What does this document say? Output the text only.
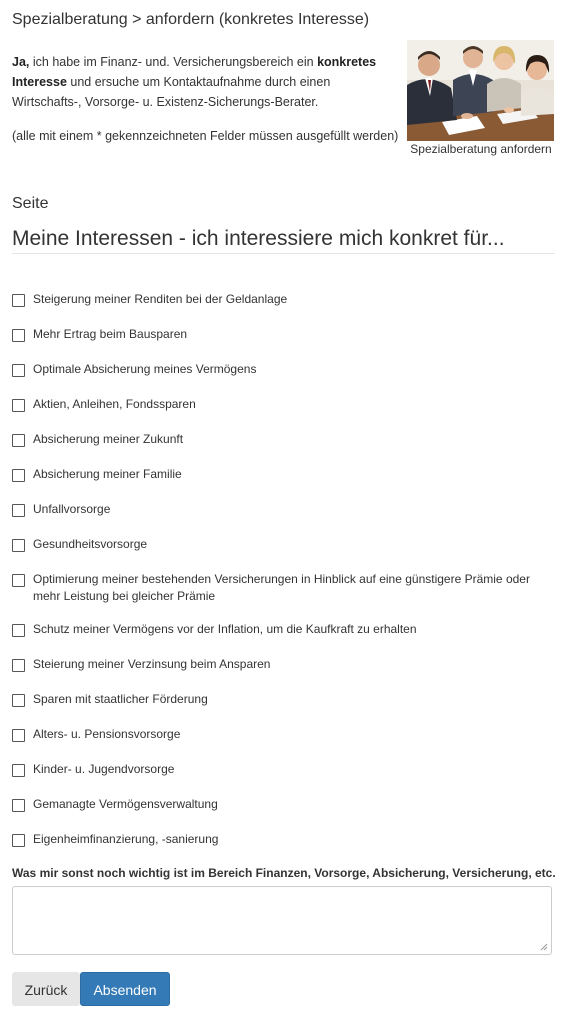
Spezialberatung > anfordern (konkretes Interesse)
Ja, ich habe im Finanz- und. Versicherungsbereich ein konkretes Interesse und ersuche um Kontaktaufnahme durch einen Wirtschafts-, Vorsorge- u. Existenz-Sicherungs-Berater.
(alle mit einem * gekennzeichneten Felder müssen ausgefüllt werden)
Spezialberatung anfordern
Seite
Meine Interessen - ich interessiere mich konkret für...
Steigerung meiner Renditen bei der Geldanlage
Mehr Ertrag beim Bausparen
Optimale Absicherung meines Vermögens
Aktien, Anleihen, Fondssparen
Absicherung meiner Zukunft
Absicherung meiner Familie
Unfallvorsorge
Gesundheitsvorsorge
Optimierung meiner bestehenden Versicherungen in Hinblick auf eine günstigere Prämie oder mehr Leistung bei gleicher Prämie
Schutz meiner Vermögens vor der Inflation, um die Kaufkraft zu erhalten
Steierung meiner Verzinsung beim Ansparen
Sparen mit staatlicher Förderung
Alters- u. Pensionsvorsorge
Kinder- u. Jugendvorsorge
Gemanagte Vermögensverwaltung
Eigenheimfinanzierung, -sanierung
Was mir sonst noch wichtig ist im Bereich Finanzen, Vorsorge, Absicherung, Versicherung, etc.
Zurück	Absenden
